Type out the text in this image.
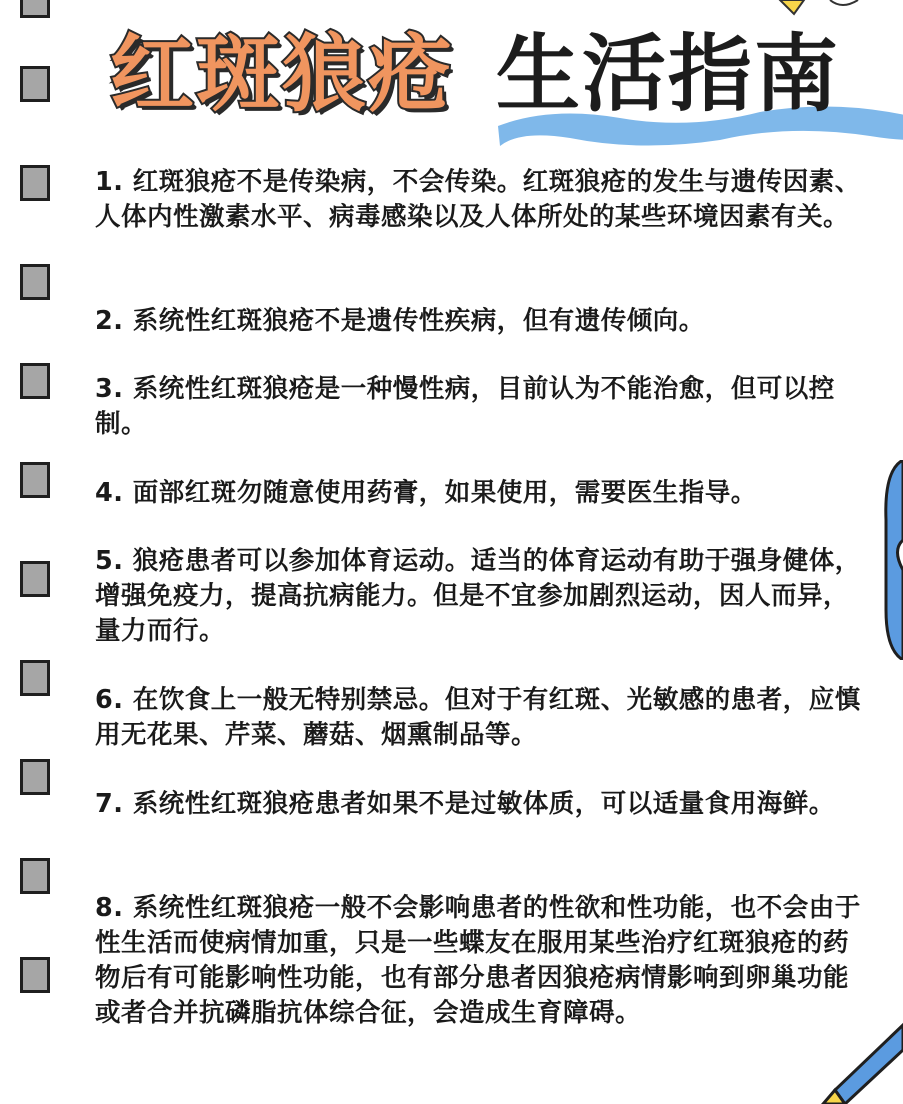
红斑狼疮 生活指南

1. 红斑狼疮不是传染病，不会传染。红斑狼疮的发生与遗传因素、人体内性激素水平、病毒感染以及人体所处的某些环境因素有关。

2. 系统性红斑狼疮不是遗传性疾病，但有遗传倾向。

3. 系统性红斑狼疮是一种慢性病，目前认为不能治愈，但可以控制。

4. 面部红斑勿随意使用药膏，如果使用，需要医生指导。

5. 狼疮患者可以参加体育运动。适当的体育运动有助于强身健体，增强免疫力，提高抗病能力。但是不宜参加剧烈运动，因人而异，量力而行。

6. 在饮食上一般无特别禁忌。但对于有红斑、光敏感的患者，应慎用无花果、芹菜、蘑菇、烟熏制品等。

7. 系统性红斑狼疮患者如果不是过敏体质，可以适量食用海鲜。

8. 系统性红斑狼疮一般不会影响患者的性欲和性功能，也不会由于性生活而使病情加重，只是一些蝶友在服用某些治疗红斑狼疮的药物后有可能影响性功能，也有部分患者因狼疮病情影响到卵巢功能或者合并抗磷脂抗体综合征，会造成生育障碍。
